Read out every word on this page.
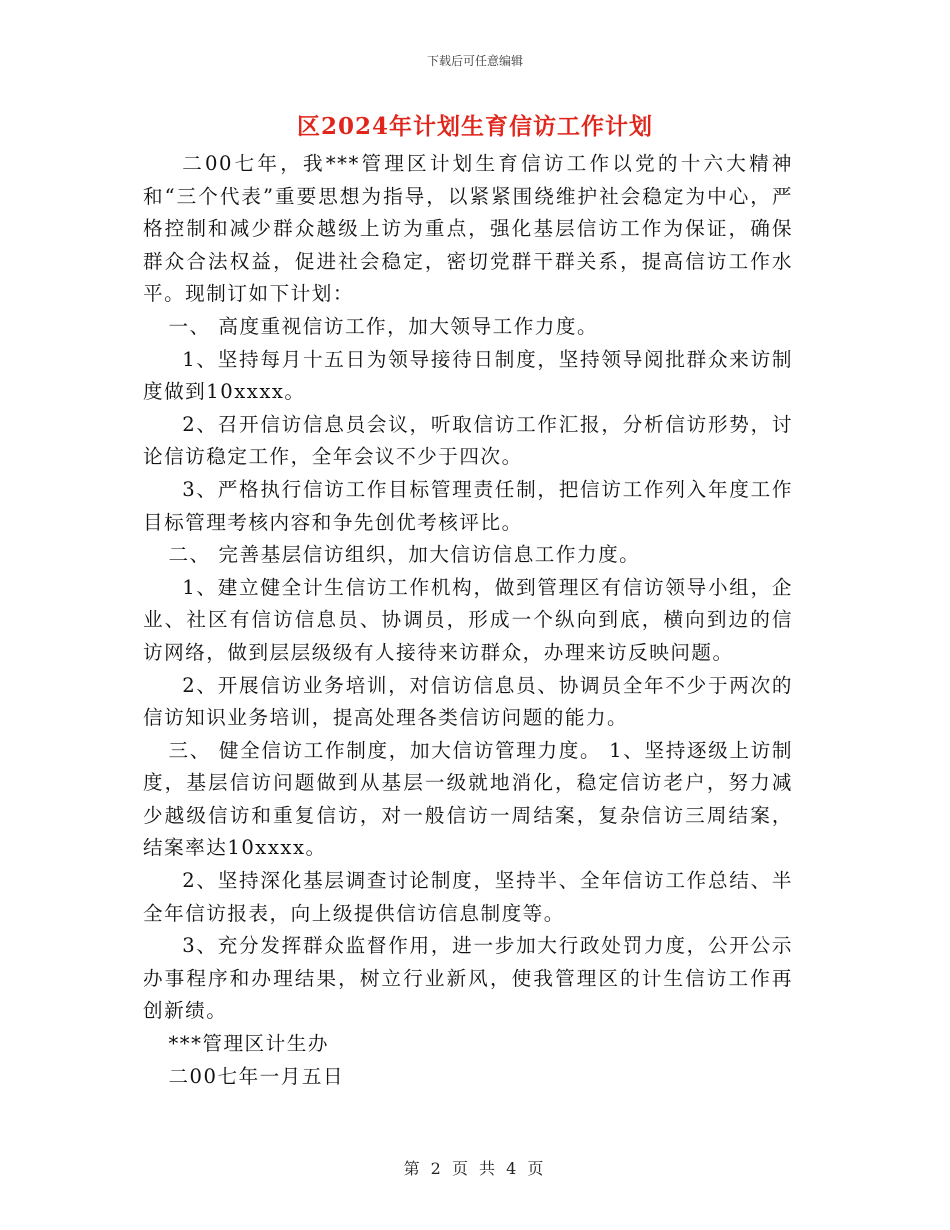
下载后可任意编辑
区2024年计划生育信访工作计划

二00七年，我***管理区计划生育信访工作以党的十六大精神和“三个代表”重要思想为指导，以紧紧围绕维护社会稳定为中心，严格控制和减少群众越级上访为重点，强化基层信访工作为保证，确保群众合法权益，促进社会稳定，密切党群干群关系，提高信访工作水平。现制订如下计划：

一、 高度重视信访工作，加大领导工作力度。

1、坚持每月十五日为领导接待日制度，坚持领导阅批群众来访制度做到10xxxx。

2、召开信访信息员会议，听取信访工作汇报，分析信访形势，讨论信访稳定工作，全年会议不少于四次。

3、严格执行信访工作目标管理责任制，把信访工作列入年度工作目标管理考核内容和争先创优考核评比。

二、 完善基层信访组织，加大信访信息工作力度。

1、建立健全计生信访工作机构，做到管理区有信访领导小组，企业、社区有信访信息员、协调员，形成一个纵向到底，横向到边的信访网络，做到层层级级有人接待来访群众，办理来访反映问题。

2、开展信访业务培训，对信访信息员、协调员全年不少于两次的信访知识业务培训，提高处理各类信访问题的能力。

三、 健全信访工作制度，加大信访管理力度。 1、坚持逐级上访制度，基层信访问题做到从基层一级就地消化，稳定信访老户，努力减少越级信访和重复信访，对一般信访一周结案，复杂信访三周结案，结案率达10xxxx。

2、坚持深化基层调查讨论制度，坚持半、全年信访工作总结、半全年信访报表，向上级提供信访信息制度等。

3、充分发挥群众监督作用，进一步加大行政处罚力度，公开公示办事程序和办理结果，树立行业新风，使我管理区的计生信访工作再创新绩。

***管理区计生办

二00七年一月五日

第 2 页 共 4 页
